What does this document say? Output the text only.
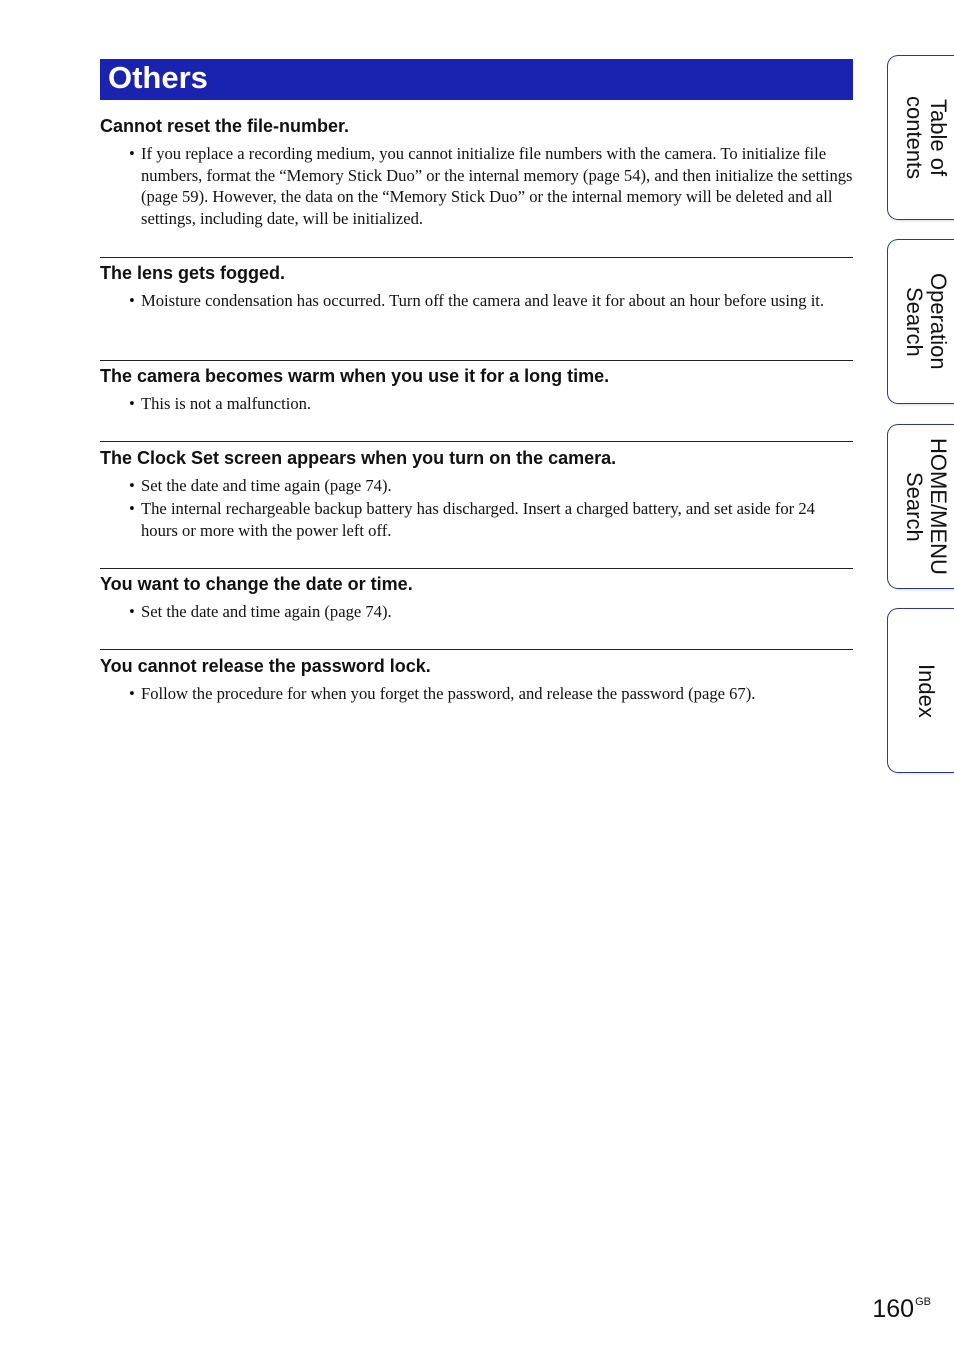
Others
Cannot reset the file-number.
• If you replace a recording medium, you cannot initialize file numbers with the camera. To initialize file numbers, format the “Memory Stick Duo” or the internal memory (page 54), and then initialize the settings (page 59). However, the data on the “Memory Stick Duo” or the internal memory will be deleted and all settings, including date, will be initialized.
The lens gets fogged.
• Moisture condensation has occurred. Turn off the camera and leave it for about an hour before using it.
The camera becomes warm when you use it for a long time.
• This is not a malfunction.
The Clock Set screen appears when you turn on the camera.
• Set the date and time again (page 74).
• The internal rechargeable backup battery has discharged. Insert a charged battery, and set aside for 24 hours or more with the power left off.
You want to change the date or time.
• Set the date and time again (page 74).
You cannot release the password lock.
• Follow the procedure for when you forget the password, and release the password (page 67).
Table of
contents
Operation
Search
HOME/MENU
Search
Index
$160^{GB}$
